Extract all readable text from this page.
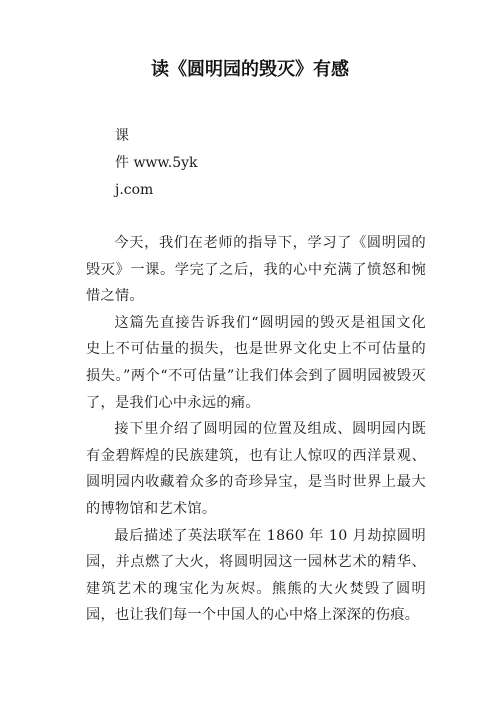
读《圆明园的毁灭》有感
课
件 www.5yk
j.com

今天，我们在老师的指导下，学习了《圆明园的毁灭》一课。学完了之后，我的心中充满了愤怒和惋惜之情。

这篇先直接告诉我们“圆明园的毁灭是祖国文化史上不可估量的损失，也是世界文化史上不可估量的损失。”两个“不可估量”让我们体会到了圆明园被毁灭了，是我们心中永远的痛。

接下里介绍了圆明园的位置及组成、圆明园内既有金碧辉煌的民族建筑，也有让人惊叹的西洋景观、圆明园内收藏着众多的奇珍异宝，是当时世界上最大的博物馆和艺术馆。

最后描述了英法联军在 1860 年 10 月劫掠圆明园，并点燃了大火，将圆明园这一园林艺术的精华、建筑艺术的瑰宝化为灰烬。熊熊的大火焚毁了圆明园，也让我们每一个中国人的心中烙上深深的伤痕。
